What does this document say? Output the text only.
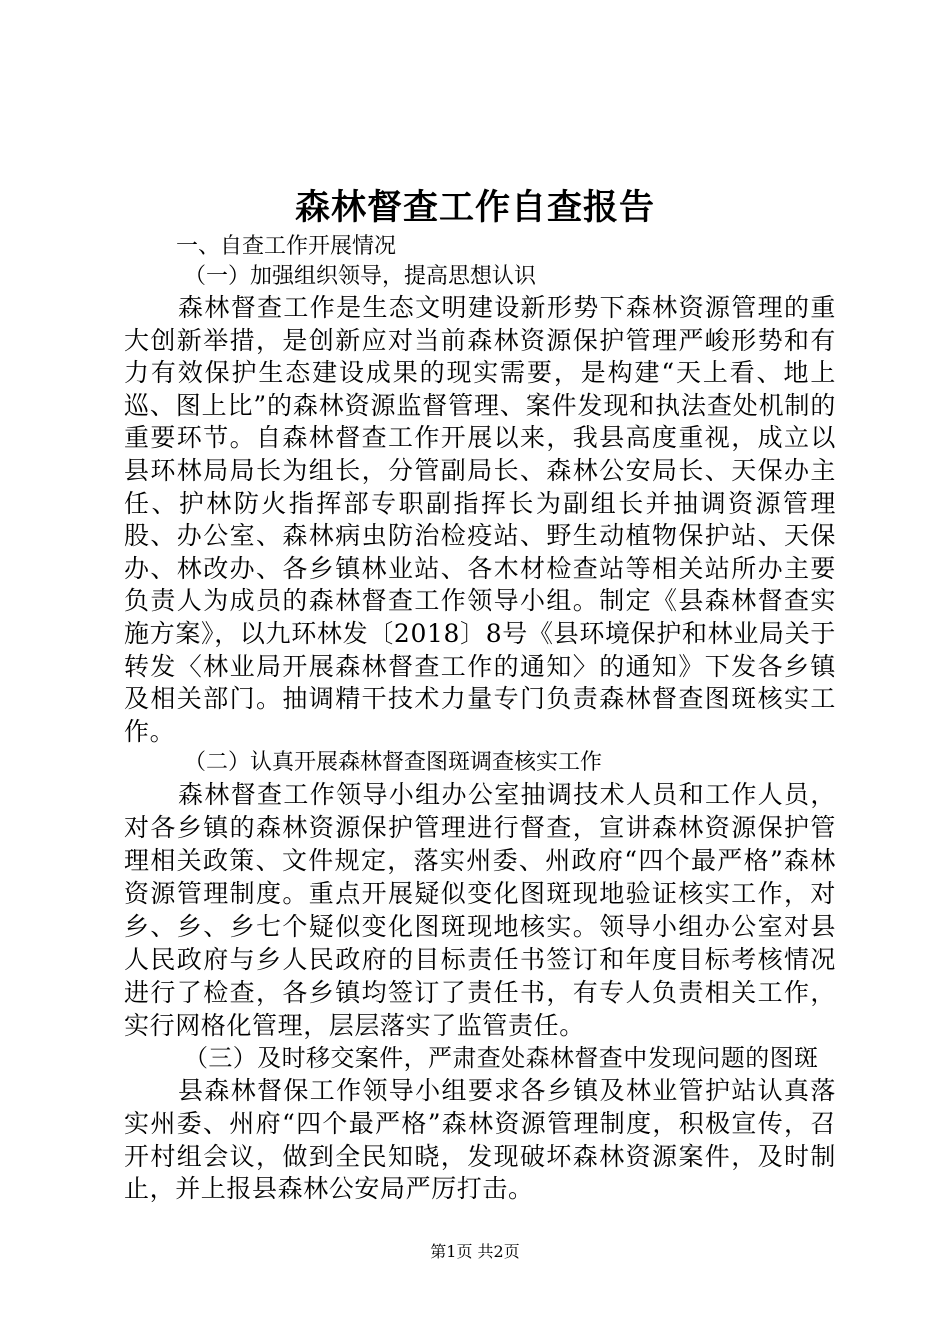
森林督查工作自查报告
一、自查工作开展情况
（一）加强组织领导，提高思想认识

森林督查工作是生态文明建设新形势下森林资源管理的重大创新举措，是创新应对当前森林资源保护管理严峻形势和有力有效保护生态建设成果的现实需要，是构建“天上看、地上巡、图上比”的森林资源监督管理、案件发现和执法查处机制的重要环节。自森林督查工作开展以来，我县高度重视，成立以县环林局局长为组长，分管副局长、森林公安局长、天保办主任、护林防火指挥部专职副指挥长为副组长并抽调资源管理股、办公室、森林病虫防治检疫站、野生动植物保护站、天保办、林改办、各乡镇林业站、各木材检查站等相关站所办主要负责人为成员的森林督查工作领导小组。制定《县森林督查实施方案》，以九环林发〔2018〕8号《县环境保护和林业局关于转发〈林业局开展森林督查工作的通知〉的通知》下发各乡镇及相关部门。抽调精干技术力量专门负责森林督查图斑核实工作。

（二）认真开展森林督查图斑调查核实工作

森林督查工作领导小组办公室抽调技术人员和工作人员，对各乡镇的森林资源保护管理进行督查，宣讲森林资源保护管理相关政策、文件规定，落实州委、州政府“四个最严格”森林资源管理制度。重点开展疑似变化图斑现地验证核实工作，对乡、乡、乡七个疑似变化图斑现地核实。领导小组办公室对县人民政府与乡人民政府的目标责任书签订和年度目标考核情况进行了检查，各乡镇均签订了责任书，有专人负责相关工作，实行网格化管理，层层落实了监管责任。

（三）及时移交案件，严肃查处森林督查中发现问题的图斑

县森林督保工作领导小组要求各乡镇及林业管护站认真落实州委、州府“四个最严格”森林资源管理制度，积极宣传，召开村组会议，做到全民知晓，发现破坏森林资源案件，及时制止，并上报县森林公安局严厉打击。

第1页 共2页
